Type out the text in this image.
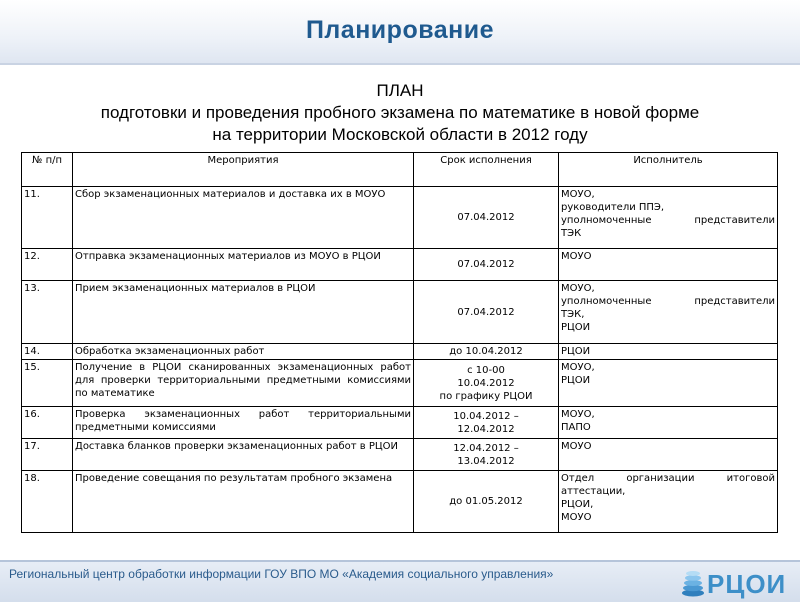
Планирование
ПЛАН
подготовки и проведения пробного экзамена по математике в новой форме
на территории Московской области в 2012 году
№ п/п	Мероприятия	Срок исполнения	Исполнитель
11.	Сбор экзаменационных материалов и доставка их в МОУО	07.04.2012	МОУО,
руководители ППЭ,
уполномоченные представители
ТЭК

12.	Отправка экзаменационных материалов из МОУО в РЦОИ	07.04.2012	МОУО

13.	Прием экзаменационных материалов в РЦОИ	07.04.2012	МОУО,
уполномоченные представители
ТЭК,
РЦОИ

14.	Обработка экзаменационных работ	до 10.04.2012	РЦОИ

15.	Получение в РЦОИ сканированных экзаменационных работ для проверки территориальными предметными комиссиями по математике	с 10-00
10.04.2012
по графику РЦОИ	МОУО,
РЦОИ

16.	Проверка экзаменационных работ территориальными предметными комиссиями	10.04.2012 –
12.04.2012	МОУО,
ПАПО

17.	Доставка бланков проверки экзаменационных работ в РЦОИ	12.04.2012 –
13.04.2012	МОУО

18.	Проведение совещания по результатам пробного экзамена	до 01.05.2012	Отдел организации итоговой
аттестации,
РЦОИ,
МОУО
Региональный центр обработки информации ГОУ ВПО МО «Академия социального управления»	РЦОИ
